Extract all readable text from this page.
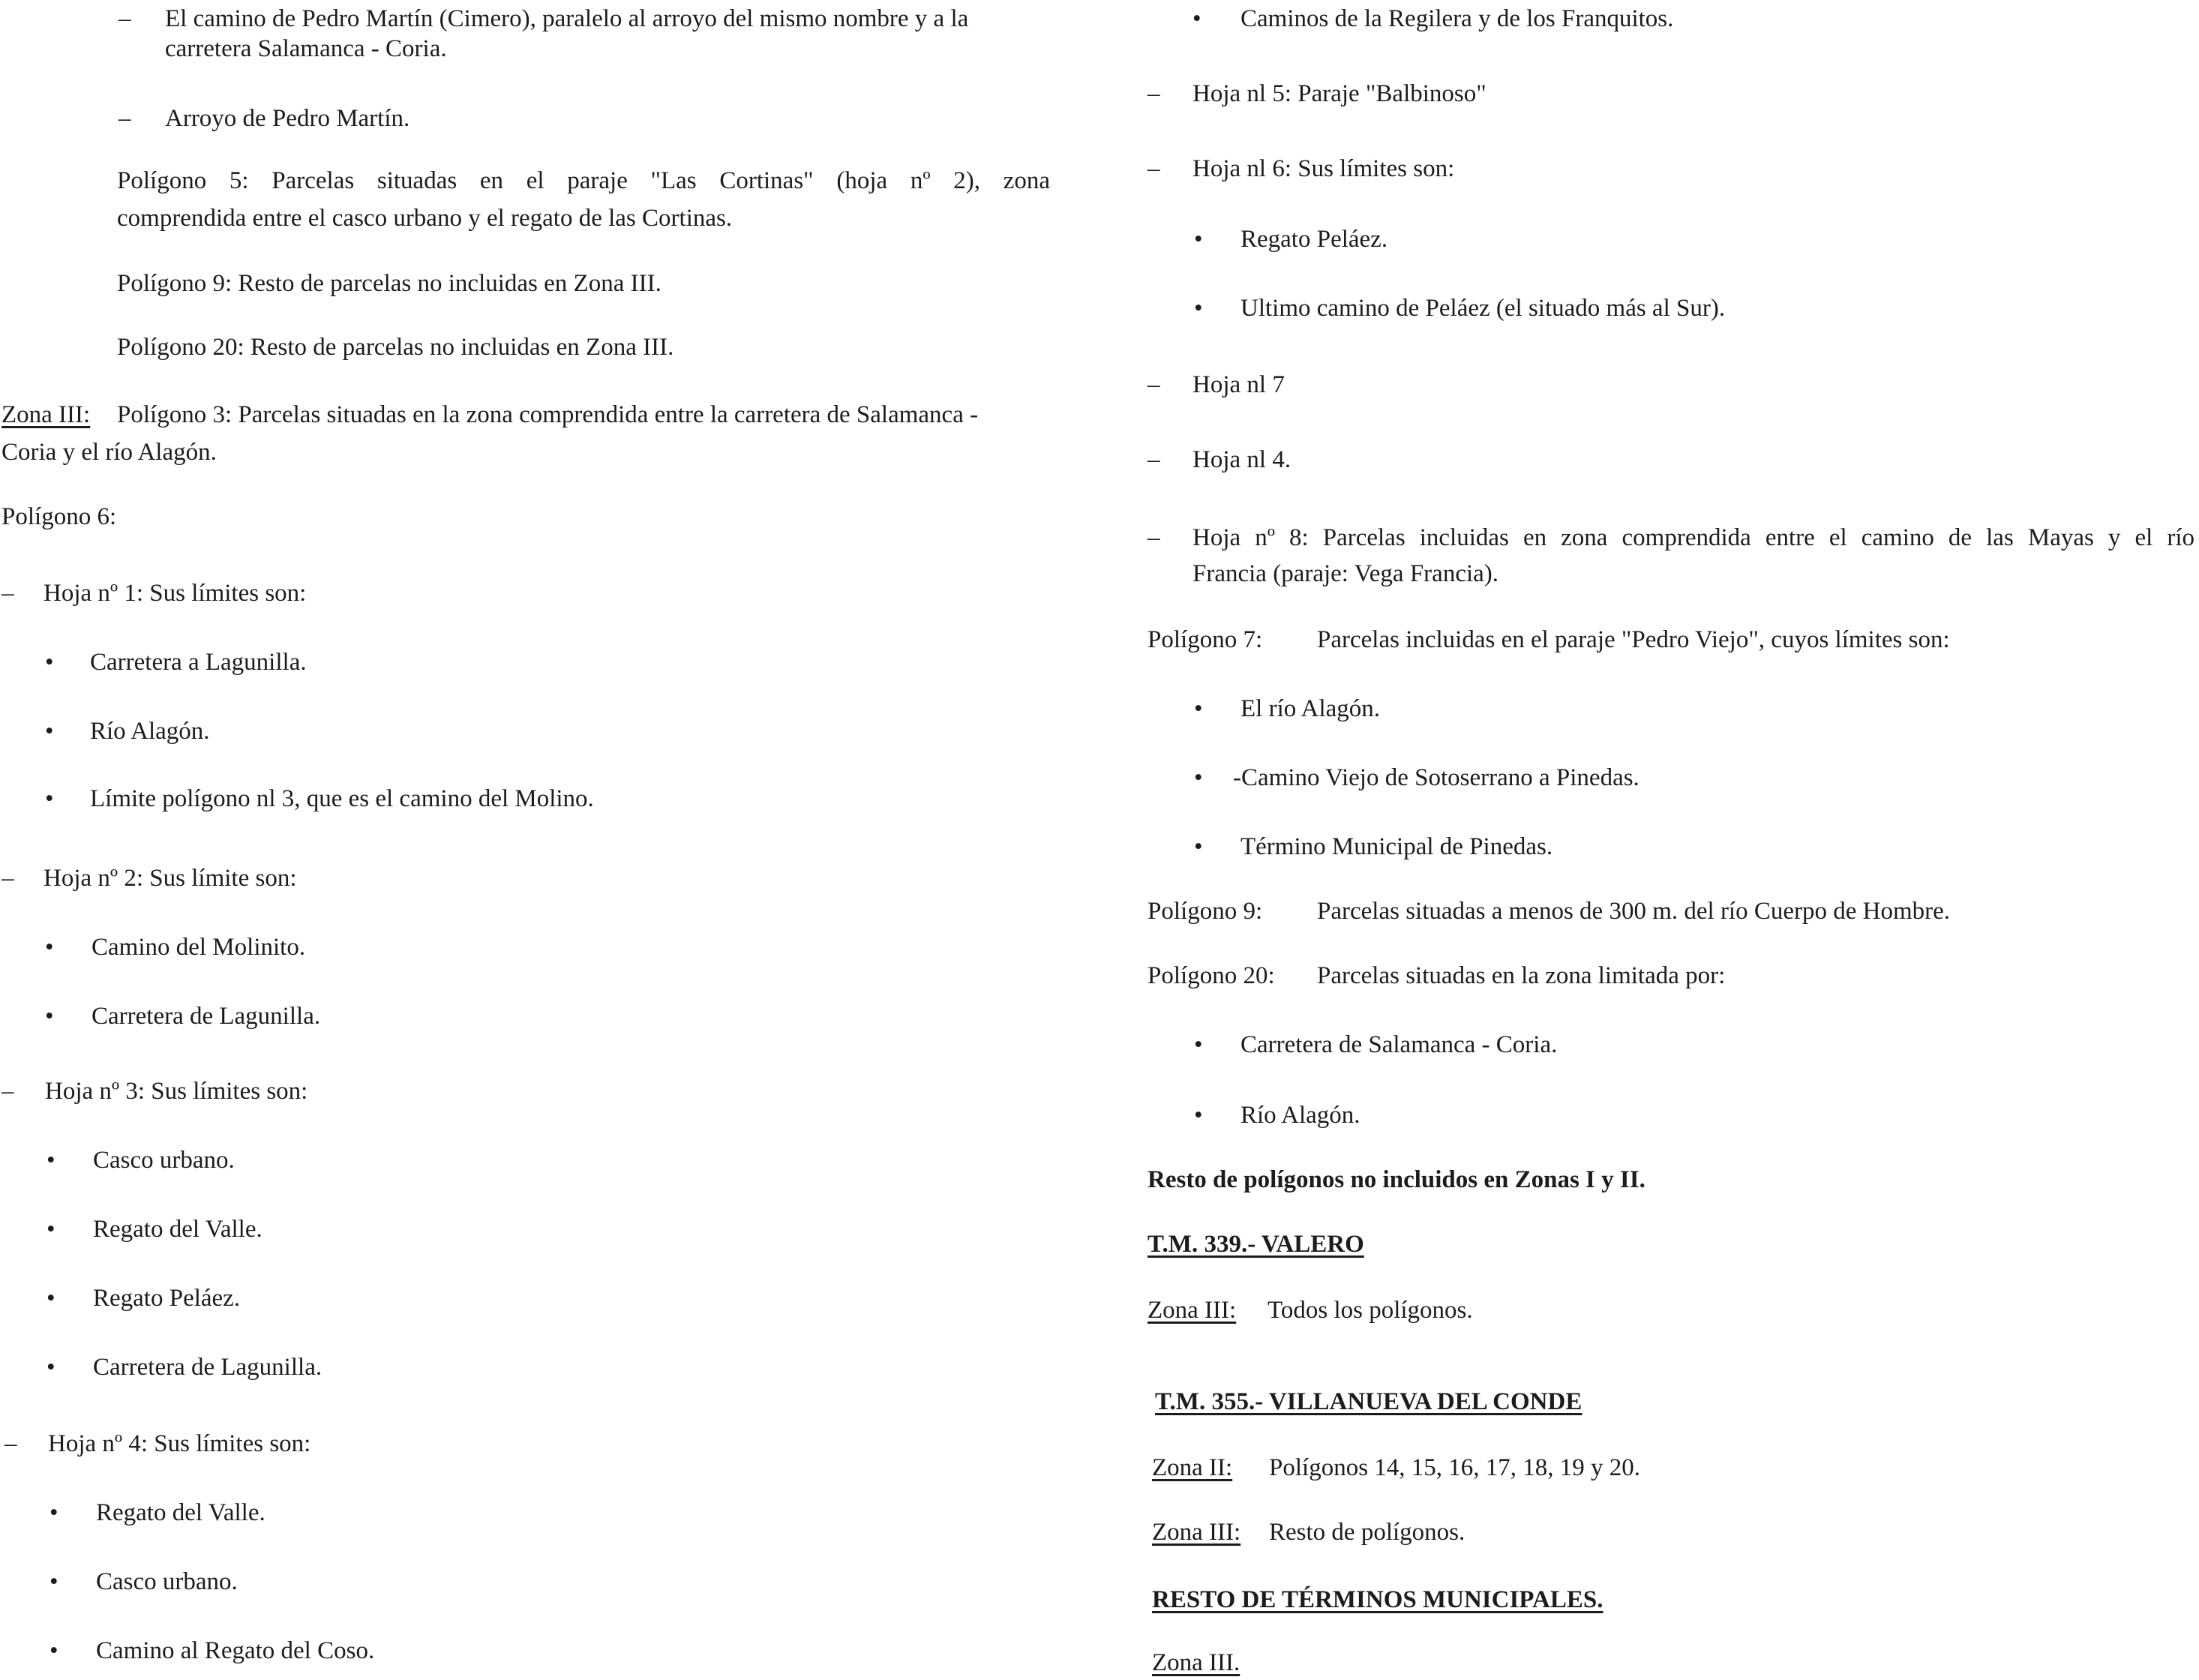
– El camino de Pedro Martín (Cimero), paralelo al arroyo del mismo nombre y a la
carretera Salamanca - Coria.
– Arroyo de Pedro Martín.
Polígono 5: Parcelas situadas en el paraje "Las Cortinas" (hoja nº 2), zona
comprendida entre el casco urbano y el regato de las Cortinas.
Polígono 9: Resto de parcelas no incluidas en Zona III.
Polígono 20: Resto de parcelas no incluidas en Zona III.
Zona III: Polígono 3: Parcelas situadas en la zona comprendida entre la carretera de Salamanca -
Coria y el río Alagón.
Polígono 6:
– Hoja nº 1: Sus límites son:
• Carretera a Lagunilla.
• Río Alagón.
• Límite polígono nl 3, que es el camino del Molino.
– Hoja nº 2: Sus límite son:
• Camino del Molinito.
• Carretera de Lagunilla.
– Hoja nº 3: Sus límites son:
• Casco urbano.
• Regato del Valle.
• Regato Peláez.
• Carretera de Lagunilla.
– Hoja nº 4: Sus límites son:
• Regato del Valle.
• Casco urbano.
• Camino al Regato del Coso.
• Caminos de la Regilera y de los Franquitos.
– Hoja nl 5: Paraje "Balbinoso"
– Hoja nl 6: Sus límites son:
• Regato Peláez.
• Ultimo camino de Peláez (el situado más al Sur).
– Hoja nl 7
– Hoja nl 4.
– Hoja nº 8: Parcelas incluidas en zona comprendida entre el camino de las Mayas y el río
Francia (paraje: Vega Francia).
Polígono 7: Parcelas incluidas en el paraje "Pedro Viejo", cuyos límites son:
• El río Alagón.
• -Camino Viejo de Sotoserrano a Pinedas.
• Término Municipal de Pinedas.
Polígono 9: Parcelas situadas a menos de 300 m. del río Cuerpo de Hombre.
Polígono 20: Parcelas situadas en la zona limitada por:
• Carretera de Salamanca - Coria.
• Río Alagón.
Resto de polígonos no incluidos en Zonas I y II.
T.M. 339.- VALERO
Zona III: Todos los polígonos.
T.M. 355.- VILLANUEVA DEL CONDE
Zona II: Polígonos 14, 15, 16, 17, 18, 19 y 20.
Zona III: Resto de polígonos.
RESTO DE TÉRMINOS MUNICIPALES.
Zona III.
